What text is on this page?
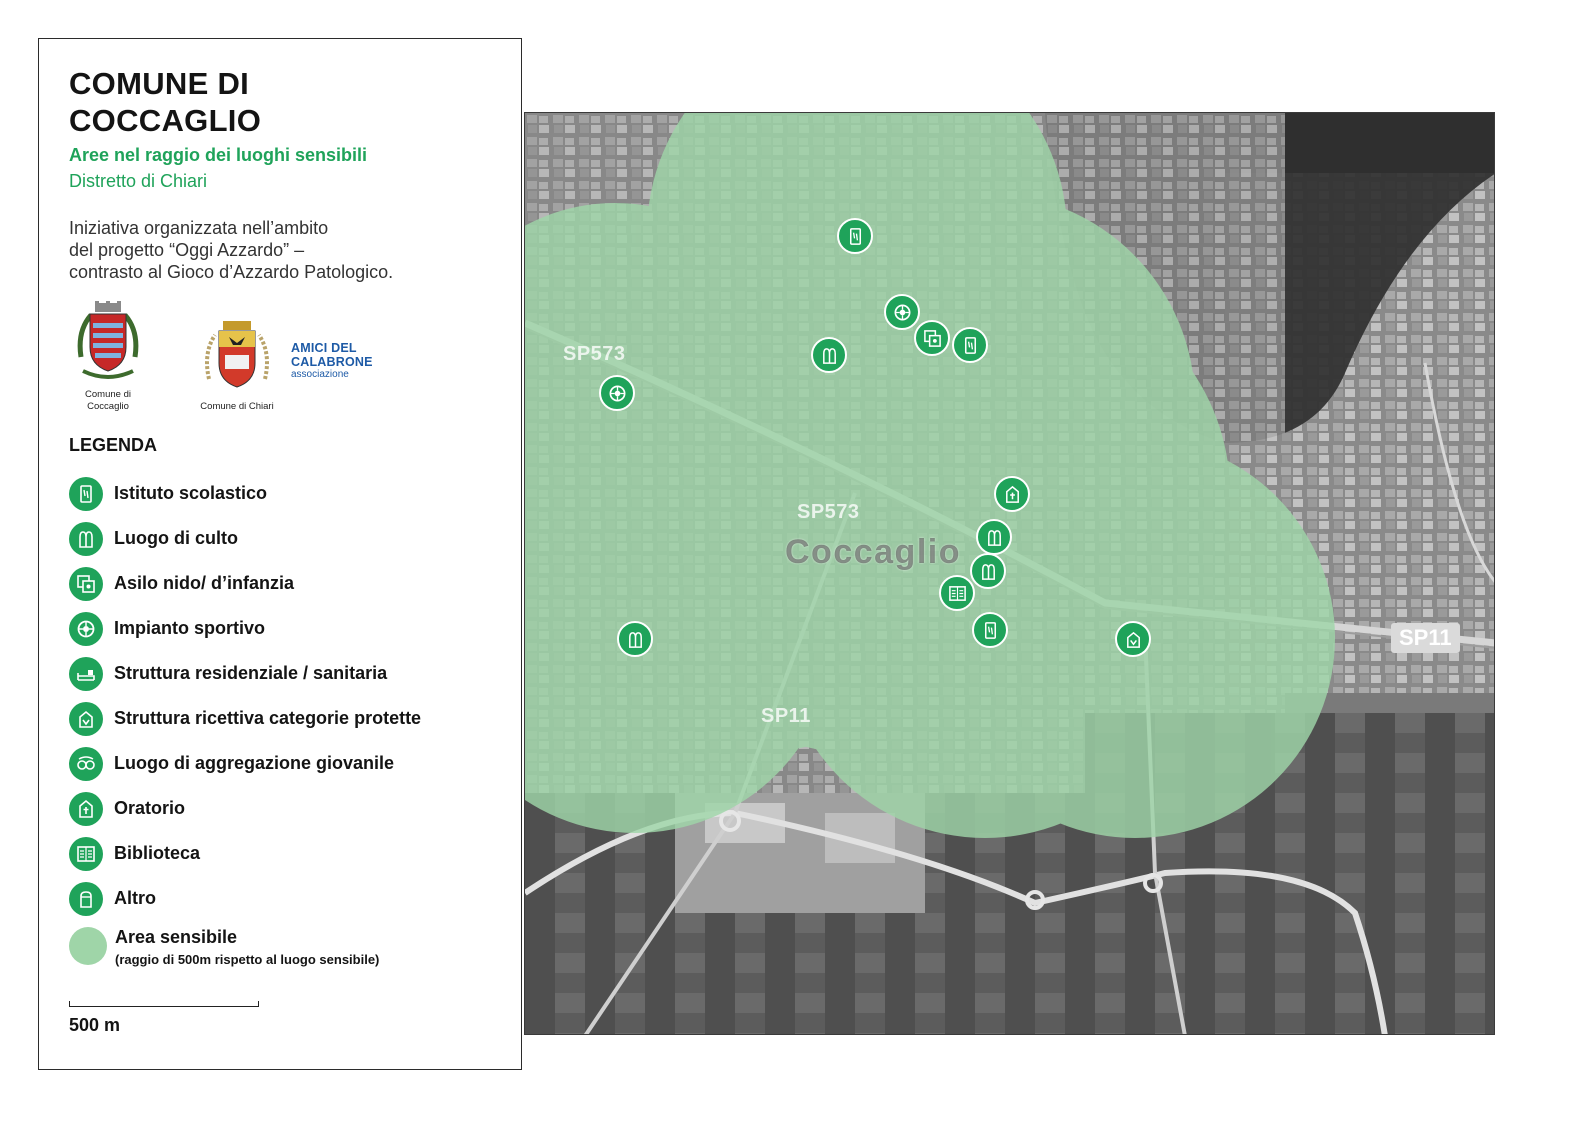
COMUNE DI
COCCAGLIO
Aree nel raggio dei luoghi sensibili
Distretto di Chiari
Iniziativa organizzata nell’ambito
del progetto “Oggi Azzardo” –
contrasto al Gioco d’Azzardo Patologico.
Comune di
Coccaglio	Comune di Chiari
AMICI DEL
CALABRONE
associazione
LEGENDA
Istituto scolastico
Luogo di culto
Asilo nido/ d’infanzia
Impianto sportivo
Struttura residenziale / sanitaria
Struttura ricettiva categorie protette
Luogo di aggregazione giovanile
Oratorio
Biblioteca
Altro
Area sensibile
(raggio di 500m rispetto al luogo sensibile)
500 m
SP573
SP573
SP11
SP11
Coccaglio
